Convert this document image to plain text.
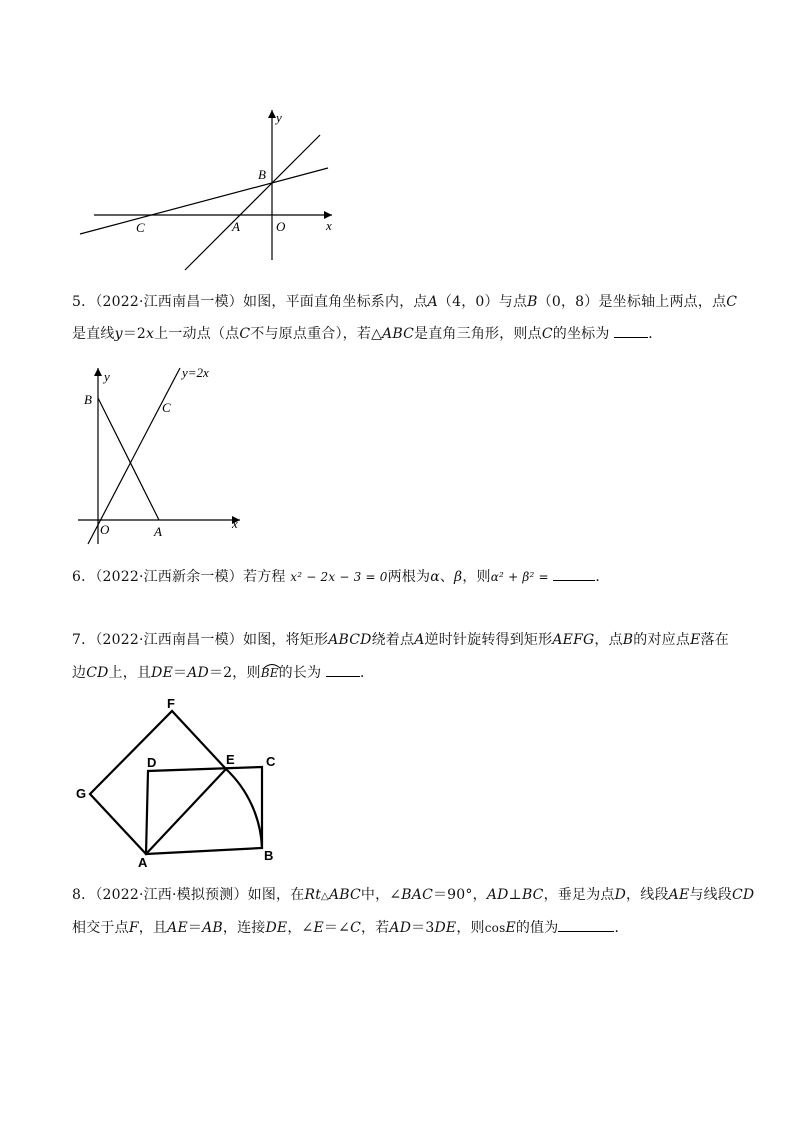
y
x
B
C	A	O
5．（2022·江西南昌一模）如图，平面直角坐标系内，点A（4，0）与点B（0，8）是坐标轴上两点，点C
是直线y＝2x上一动点（点C不与原点重合），若△ABC是直角三角形，则点C的坐标为	．
y
x
y=2x
B
C
O	A
6．（2022·江西新余一模）若方程 x² − 2x − 3 = 0两根为α、β，则α² + β² =	．
7．（2022·江西南昌一模）如图，将矩形ABCD绕着点A逆时针旋转得到矩形AEFG，点B的对应点E落在
边CD上，且DE＝AD＝2，则
BE的长为	．
F
G
D	E C
A	B
8．（2022·江西·模拟预测）如图，在Rt△ABC中，∠BAC＝90°，AD⊥BC，垂足为点D，线段AE与线段CD
相交于点F，且AE＝AB，连接DE，∠E＝∠C，若AD＝3DE，则cosE的值为	．
